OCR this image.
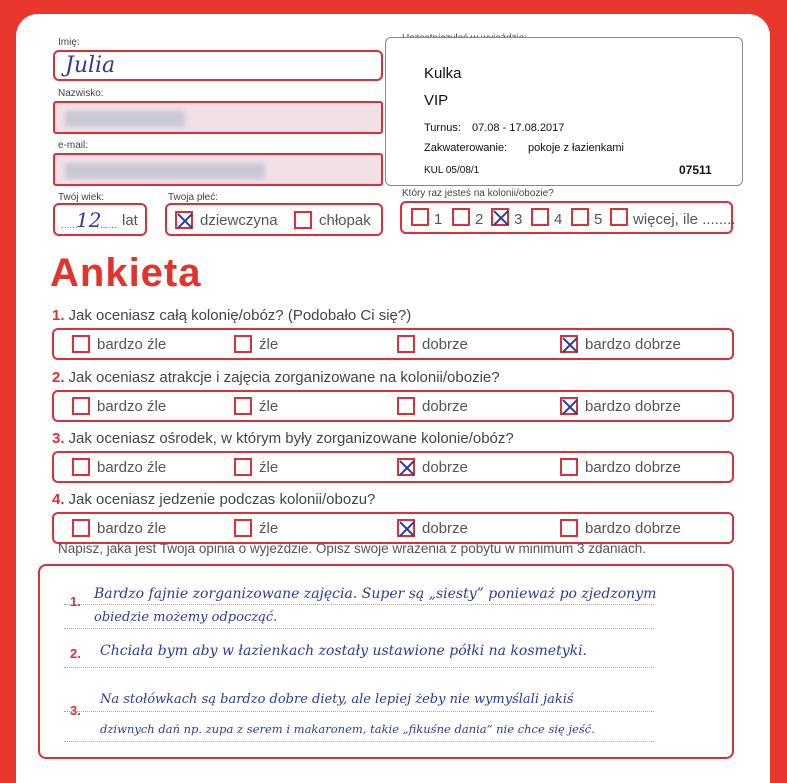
Imię:
Julia
Nazwisko:
e-mail:
Twój wiek:
......
12
...... lat
Twoja płeć:
dziewczyna	chłopak
Kulka
VIP
Turnus: 07.08 - 17.08.2017
Zakwaterowanie: pokoje z łazienkami
KUL 05/08/1	07511
Który raz jesteś na kolonii/obozie?
1 2 3 4 5 więcej, ile ........
Ankieta
1. Jak oceniasz całą kolonię/obóz? (Podobało Ci się?)
bardzo źle	źle	dobrze	bardzo dobrze
2. Jak oceniasz atrakcje i zajęcia zorganizowane na kolonii/obozie?
bardzo źle	źle	dobrze	bardzo dobrze
3. Jak oceniasz ośrodek, w którym były zorganizowane kolonie/obóz?
bardzo źle	źle	dobrze	bardzo dobrze
4. Jak oceniasz jedzenie podczas kolonii/obozu?
bardzo źle	źle	dobrze	bardzo dobrze
Napisz, jaka jest Twoja opinia o wyjeździe. Opisz swoje wrażenia z pobytu w minimum 3 zdaniach.
1.
2.
3.
Bardzo fajnie zorganizowane zajęcia. Super są „siesty” ponieważ po zjedzonym
obiedzie możemy odpocząć.
Chciała bym aby w łazienkach zostały ustawione półki na kosmetyki.
Na stołówkach są bardzo dobre diety, ale lepiej żeby nie wymyślali jakiś
dziwnych dań np. zupa z serem i makaronem, takie „fikuśne dania” nie chce się jeść.
